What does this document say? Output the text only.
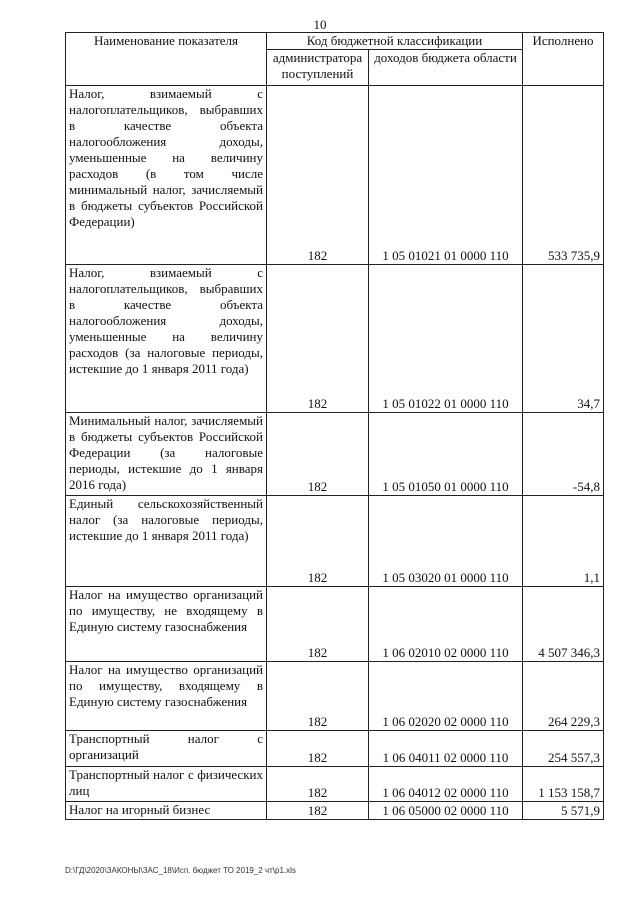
10
Наименование показателя	Код бюджетной классификации		Исполнено
	администратора поступлений	доходов бюджета области	
Налог, взимаемый с налогоплательщиков, выбравших в качестве объекта налогообложения доходы, уменьшенные на величину расходов (в том числе минимальный налог, зачисляемый в бюджеты субъектов Российской Федерации)	182	1 05 01021 01 0000 110	533 735,9
Налог, взимаемый с налогоплательщиков, выбравших в качестве объекта налогообложения доходы, уменьшенные на величину расходов (за налоговые периоды, истекшие до 1 января 2011 года)	182	1 05 01022 01 0000 110	34,7
Минимальный налог, зачисляемый в бюджеты субъектов Российской Федерации (за налоговые периоды, истекшие до 1 января 2016 года)	182	1 05 01050 01 0000 110	-54,8
Единый сельскохозяйственный налог (за налоговые периоды, истекшие до 1 января 2011 года)	182	1 05 03020 01 0000 110	1,1
Налог на имущество организаций по имуществу, не входящему в Единую систему газоснабжения	182	1 06 02010 02 0000 110	4 507 346,3
Налог на имущество организаций по имуществу, входящему в Единую систему газоснабжения	182	1 06 02020 02 0000 110	264 229,3
Транспортный налог с организаций	182	1 06 04011 02 0000 110	254 557,3
Транспортный налог с физических лиц	182	1 06 04012 02 0000 110	1 153 158,7
Налог на игорный бизнес	182	1 06 05000 02 0000 110	5 571,9
D:\ГД\2020\ЗАКОНЫ\ЗАС_18\Исп. бюджет ТО 2019_2 чт\р1.xls
